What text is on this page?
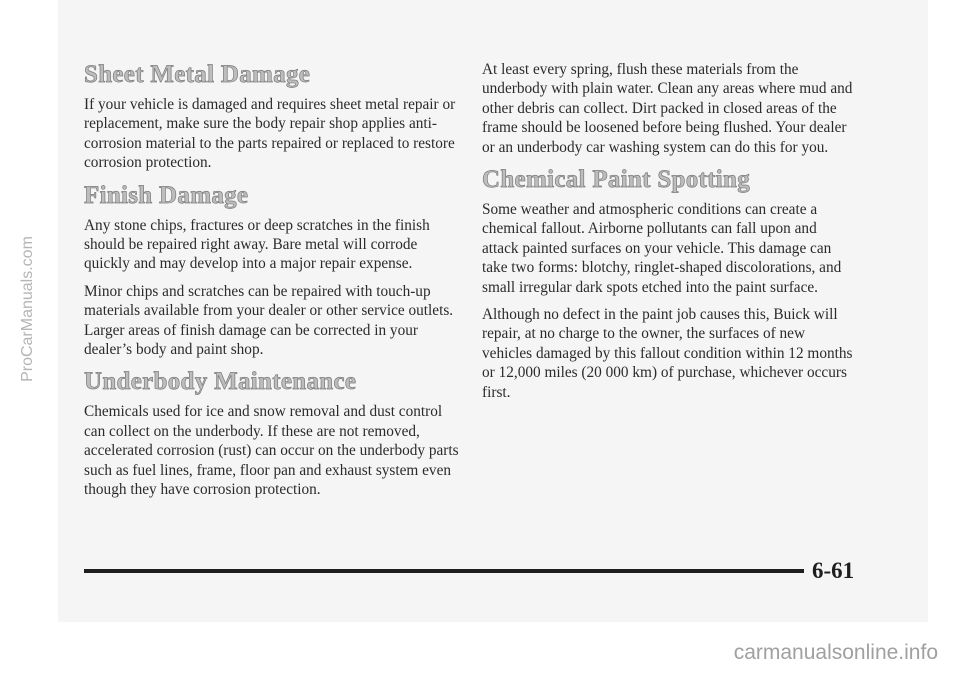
Sheet Metal Damage

If your vehicle is damaged and requires sheet metal repair or replacement, make sure the body repair shop applies anti-corrosion material to the parts repaired or replaced to restore corrosion protection.

Finish Damage

Any stone chips, fractures or deep scratches in the finish should be repaired right away. Bare metal will corrode quickly and may develop into a major repair expense.

Minor chips and scratches can be repaired with touch-up materials available from your dealer or other service outlets. Larger areas of finish damage can be corrected in your dealer’s body and paint shop.

Underbody Maintenance

Chemicals used for ice and snow removal and dust control can collect on the underbody. If these are not removed, accelerated corrosion (rust) can occur on the underbody parts such as fuel lines, frame, floor pan and exhaust system even though they have corrosion protection.

At least every spring, flush these materials from the underbody with plain water. Clean any areas where mud and other debris can collect. Dirt packed in closed areas of the frame should be loosened before being flushed. Your dealer or an underbody car washing system can do this for you.

Chemical Paint Spotting

Some weather and atmospheric conditions can create a chemical fallout. Airborne pollutants can fall upon and attack painted surfaces on your vehicle. This damage can take two forms: blotchy, ringlet-shaped discolorations, and small irregular dark spots etched into the paint surface.

Although no defect in the paint job causes this, Buick will repair, at no charge to the owner, the surfaces of new vehicles damaged by this fallout condition within 12 months or 12,000 miles (20 000 km) of purchase, whichever occurs first.

6-61
ProCarManuals.com
carmanualsonline.info
